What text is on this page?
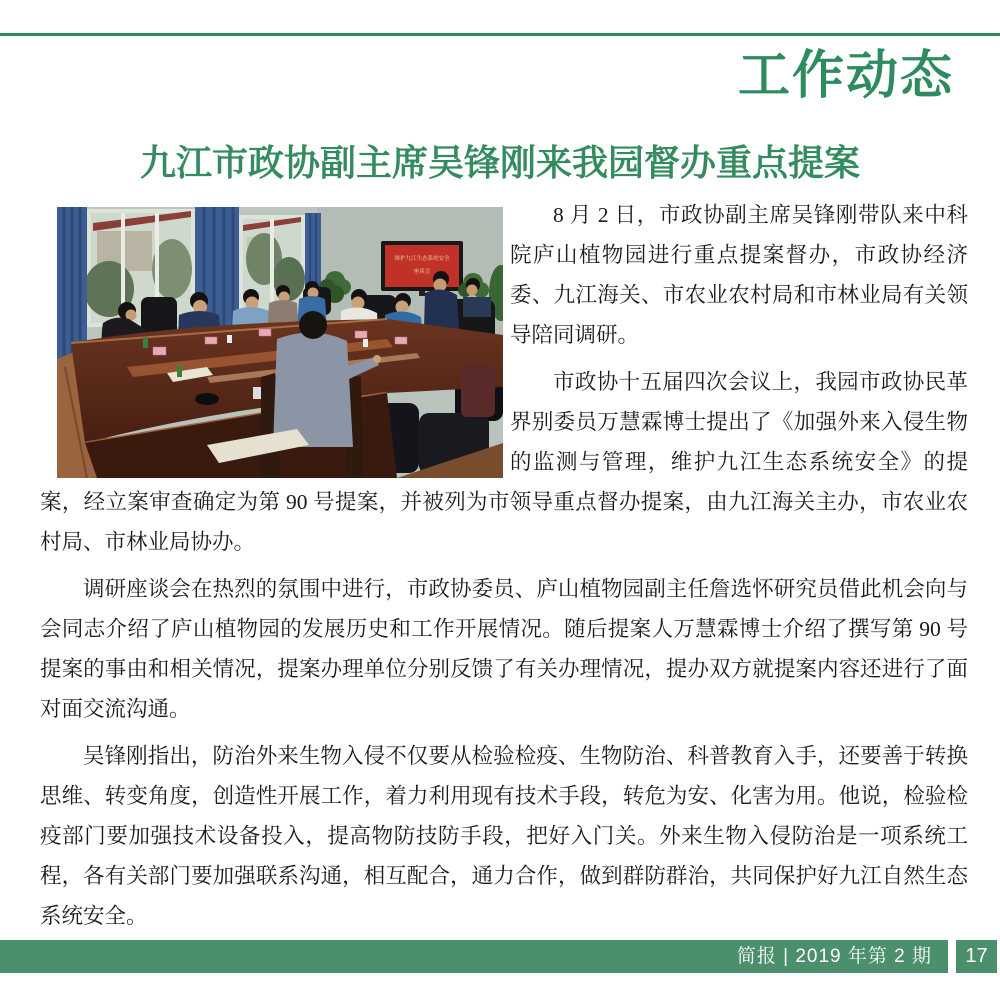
工作动态
九江市政协副主席吴锋刚来我园督办重点提案
维护九江生态系统安全
座谈会

8 月 2 日，市政协副主席吴锋刚带队来中科院庐山植物园进行重点提案督办，市政协经济委、九江海关、市农业农村局和市林业局有关领导陪同调研。

市政协十五届四次会议上，我园市政协民革界别委员万慧霖博士提出了《加强外来入侵生物的监测与管理，维护九江生态系统安全》的提案，经立案审查确定为第 90 号提案，并被列为市领导重点督办提案，由九江海关主办，市农业农村局、市林业局协办。

调研座谈会在热烈的氛围中进行，市政协委员、庐山植物园副主任詹选怀研究员借此机会向与会同志介绍了庐山植物园的发展历史和工作开展情况。随后提案人万慧霖博士介绍了撰写第 90 号提案的事由和相关情况，提案办理单位分别反馈了有关办理情况，提办双方就提案内容还进行了面对面交流沟通。

吴锋刚指出，防治外来生物入侵不仅要从检验检疫、生物防治、科普教育入手，还要善于转换思维、转变角度，创造性开展工作，着力利用现有技术手段，转危为安、化害为用。他说，检验检疫部门要加强技术设备投入，提高物防技防手段，把好入门关。外来生物入侵防治是一项系统工程，各有关部门要加强联系沟通，相互配合，通力合作，做到群防群治，共同保护好九江自然生态系统安全。

简报 | 2019 年第 2 期	17
